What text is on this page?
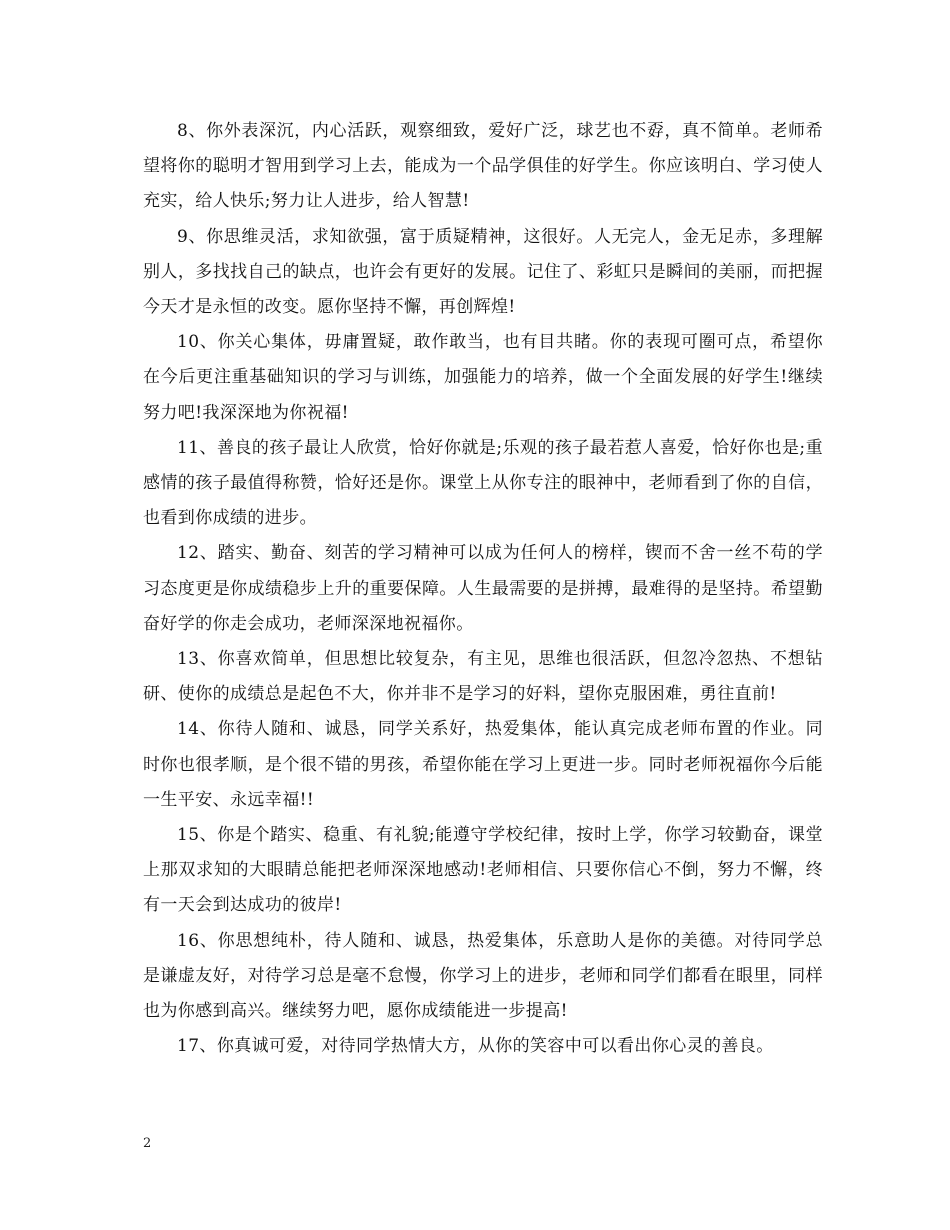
8、你外表深沉，内心活跃，观察细致，爱好广泛，球艺也不孬，真不简单。老师希望将你的聪明才智用到学习上去，能成为一个品学俱佳的好学生。你应该明白、学习使人充实，给人快乐;努力让人进步，给人智慧!

9、你思维灵活，求知欲强，富于质疑精神，这很好。人无完人，金无足赤，多理解别人，多找找自己的缺点，也许会有更好的发展。记住了、彩虹只是瞬间的美丽，而把握今天才是永恒的改变。愿你坚持不懈，再创辉煌!

10、你关心集体，毋庸置疑，敢作敢当，也有目共睹。你的表现可圈可点，希望你在今后更注重基础知识的学习与训练，加强能力的培养，做一个全面发展的好学生!继续努力吧!我深深地为你祝福!

11、善良的孩子最让人欣赏，恰好你就是;乐观的孩子最若惹人喜爱，恰好你也是;重感情的孩子最值得称赞，恰好还是你。课堂上从你专注的眼神中，老师看到了你的自信，也看到你成绩的进步。

12、踏实、勤奋、刻苦的学习精神可以成为任何人的榜样，锲而不舍一丝不苟的学习态度更是你成绩稳步上升的重要保障。人生最需要的是拼搏，最难得的是坚持。希望勤奋好学的你走会成功，老师深深地祝福你。

13、你喜欢简单，但思想比较复杂，有主见，思维也很活跃，但忽冷忽热、不想钻研、使你的成绩总是起色不大，你并非不是学习的好料，望你克服困难，勇往直前!

14、你待人随和、诚恳，同学关系好，热爱集体，能认真完成老师布置的作业。同时你也很孝顺，是个很不错的男孩，希望你能在学习上更进一步。同时老师祝福你今后能一生平安、永远幸福!!

15、你是个踏实、稳重、有礼貌;能遵守学校纪律，按时上学，你学习较勤奋，课堂上那双求知的大眼睛总能把老师深深地感动!老师相信、只要你信心不倒，努力不懈，终有一天会到达成功的彼岸!

16、你思想纯朴，待人随和、诚恳，热爱集体，乐意助人是你的美德。对待同学总是谦虚友好，对待学习总是毫不怠慢，你学习上的进步，老师和同学们都看在眼里，同样也为你感到高兴。继续努力吧，愿你成绩能进一步提高!

17、你真诚可爱，对待同学热情大方，从你的笑容中可以看出你心灵的善良。

2
